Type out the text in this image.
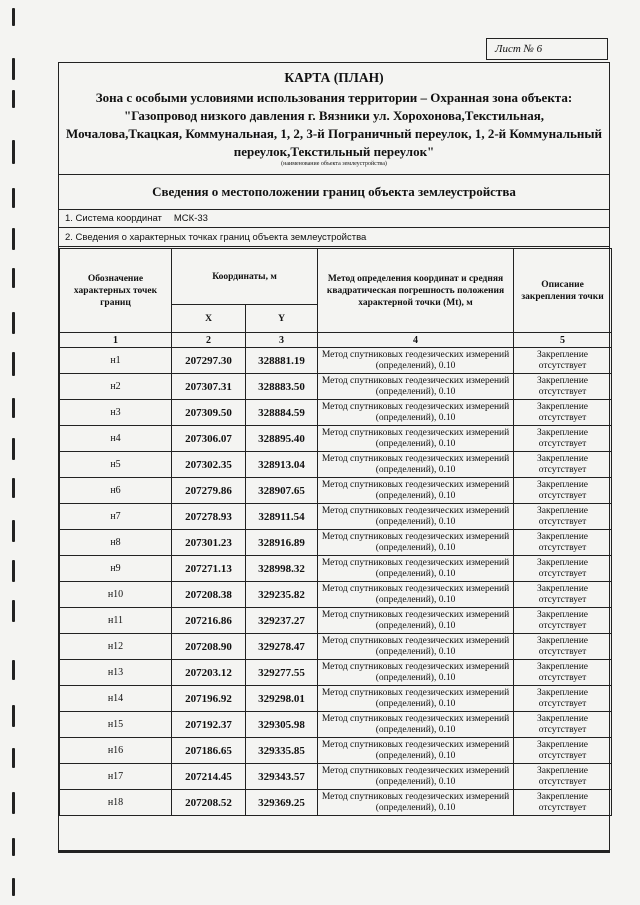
Лист № 6
КАРТА (ПЛАН)
Зона с особыми условиями использования территории – Охранная зона объекта: "Газопровод низкого давления г. Вязники ул. Хорохонова,Текстильная, Мочалова,Ткацкая, Коммунальная, 1, 2, 3-й Пограничный переулок, 1, 2-й Коммунальный переулок,Текстильный переулок"
(наименование объекта землеустройства)
Сведения о местоположении границ объекта землеустройства
1. Система координат МСК-33
2. Сведения о характерных точках границ объекта землеустройства
Обозначение характерных точек границ	Координаты, м		Метод определения координат и средняя квадратическая погрешность положения характерной точки (Mt), м	Описание закрепления точки
	X	Y		
1	2	3	4	5
н1	207297.30	328881.19	Метод спутниковых геодезических измерений (определений), 0.10	Закрепление отсутствует
н2	207307.31	328883.50	Метод спутниковых геодезических измерений (определений), 0.10	Закрепление отсутствует
н3	207309.50	328884.59	Метод спутниковых геодезических измерений (определений), 0.10	Закрепление отсутствует
н4	207306.07	328895.40	Метод спутниковых геодезических измерений (определений), 0.10	Закрепление отсутствует
н5	207302.35	328913.04	Метод спутниковых геодезических измерений (определений), 0.10	Закрепление отсутствует
н6	207279.86	328907.65	Метод спутниковых геодезических измерений (определений), 0.10	Закрепление отсутствует
н7	207278.93	328911.54	Метод спутниковых геодезических измерений (определений), 0.10	Закрепление отсутствует
н8	207301.23	328916.89	Метод спутниковых геодезических измерений (определений), 0.10	Закрепление отсутствует
н9	207271.13	328998.32	Метод спутниковых геодезических измерений (определений), 0.10	Закрепление отсутствует
н10	207208.38	329235.82	Метод спутниковых геодезических измерений (определений), 0.10	Закрепление отсутствует
н11	207216.86	329237.27	Метод спутниковых геодезических измерений (определений), 0.10	Закрепление отсутствует
н12	207208.90	329278.47	Метод спутниковых геодезических измерений (определений), 0.10	Закрепление отсутствует
н13	207203.12	329277.55	Метод спутниковых геодезических измерений (определений), 0.10	Закрепление отсутствует
н14	207196.92	329298.01	Метод спутниковых геодезических измерений (определений), 0.10	Закрепление отсутствует
н15	207192.37	329305.98	Метод спутниковых геодезических измерений (определений), 0.10	Закрепление отсутствует
н16	207186.65	329335.85	Метод спутниковых геодезических измерений (определений), 0.10	Закрепление отсутствует
н17	207214.45	329343.57	Метод спутниковых геодезических измерений (определений), 0.10	Закрепление отсутствует
н18	207208.52	329369.25	Метод спутниковых геодезических измерений (определений), 0.10	Закрепление отсутствует
